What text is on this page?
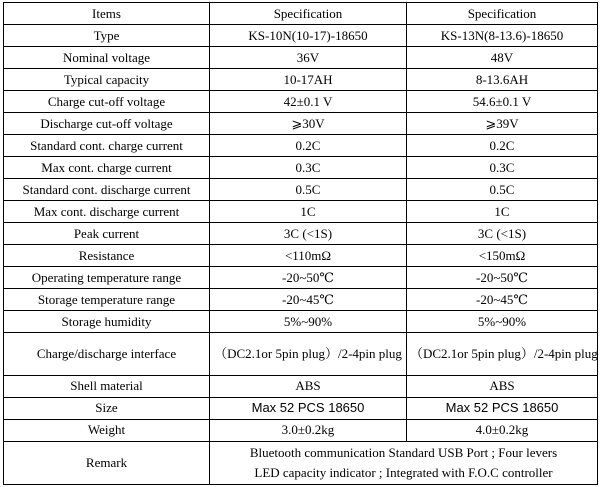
Items	Specification	Specification
Type	KS-10N(10-17)-18650	KS-13N(8-13.6)-18650
Nominal voltage	36V	48V
Typical capacity	10-17AH	8-13.6AH
Charge cut-off voltage	42±0.1 V	54.6±0.1 V
Discharge cut-off voltage	⩾30V	⩾39V
Standard cont. charge current	0.2C	0.2C
Max cont. charge current	0.3C	0.3C
Standard cont. discharge current	0.5C	0.5C
Max cont. discharge current	1C	1C
Peak current	3C (<1S)	3C (<1S)
Resistance	<110mΩ	<150mΩ
Operating temperature range	-20~50℃	-20~50℃
Storage temperature range	-20~45℃	-20~45℃
Storage humidity	5%~90%	5%~90%
Charge/discharge interface	（DC2.1or 5pin plug）/2-4pin plug	（DC2.1or 5pin plug）/2-4pin plug
Shell material	ABS	ABS
Size	Max 52 PCS 18650	Max 52 PCS 18650
Weight	3.0±0.2kg	4.0±0.2kg
Remark	Bluetooth communication Standard USB Port ; Four levers
LED capacity indicator ; Integrated with F.O.C controller	
